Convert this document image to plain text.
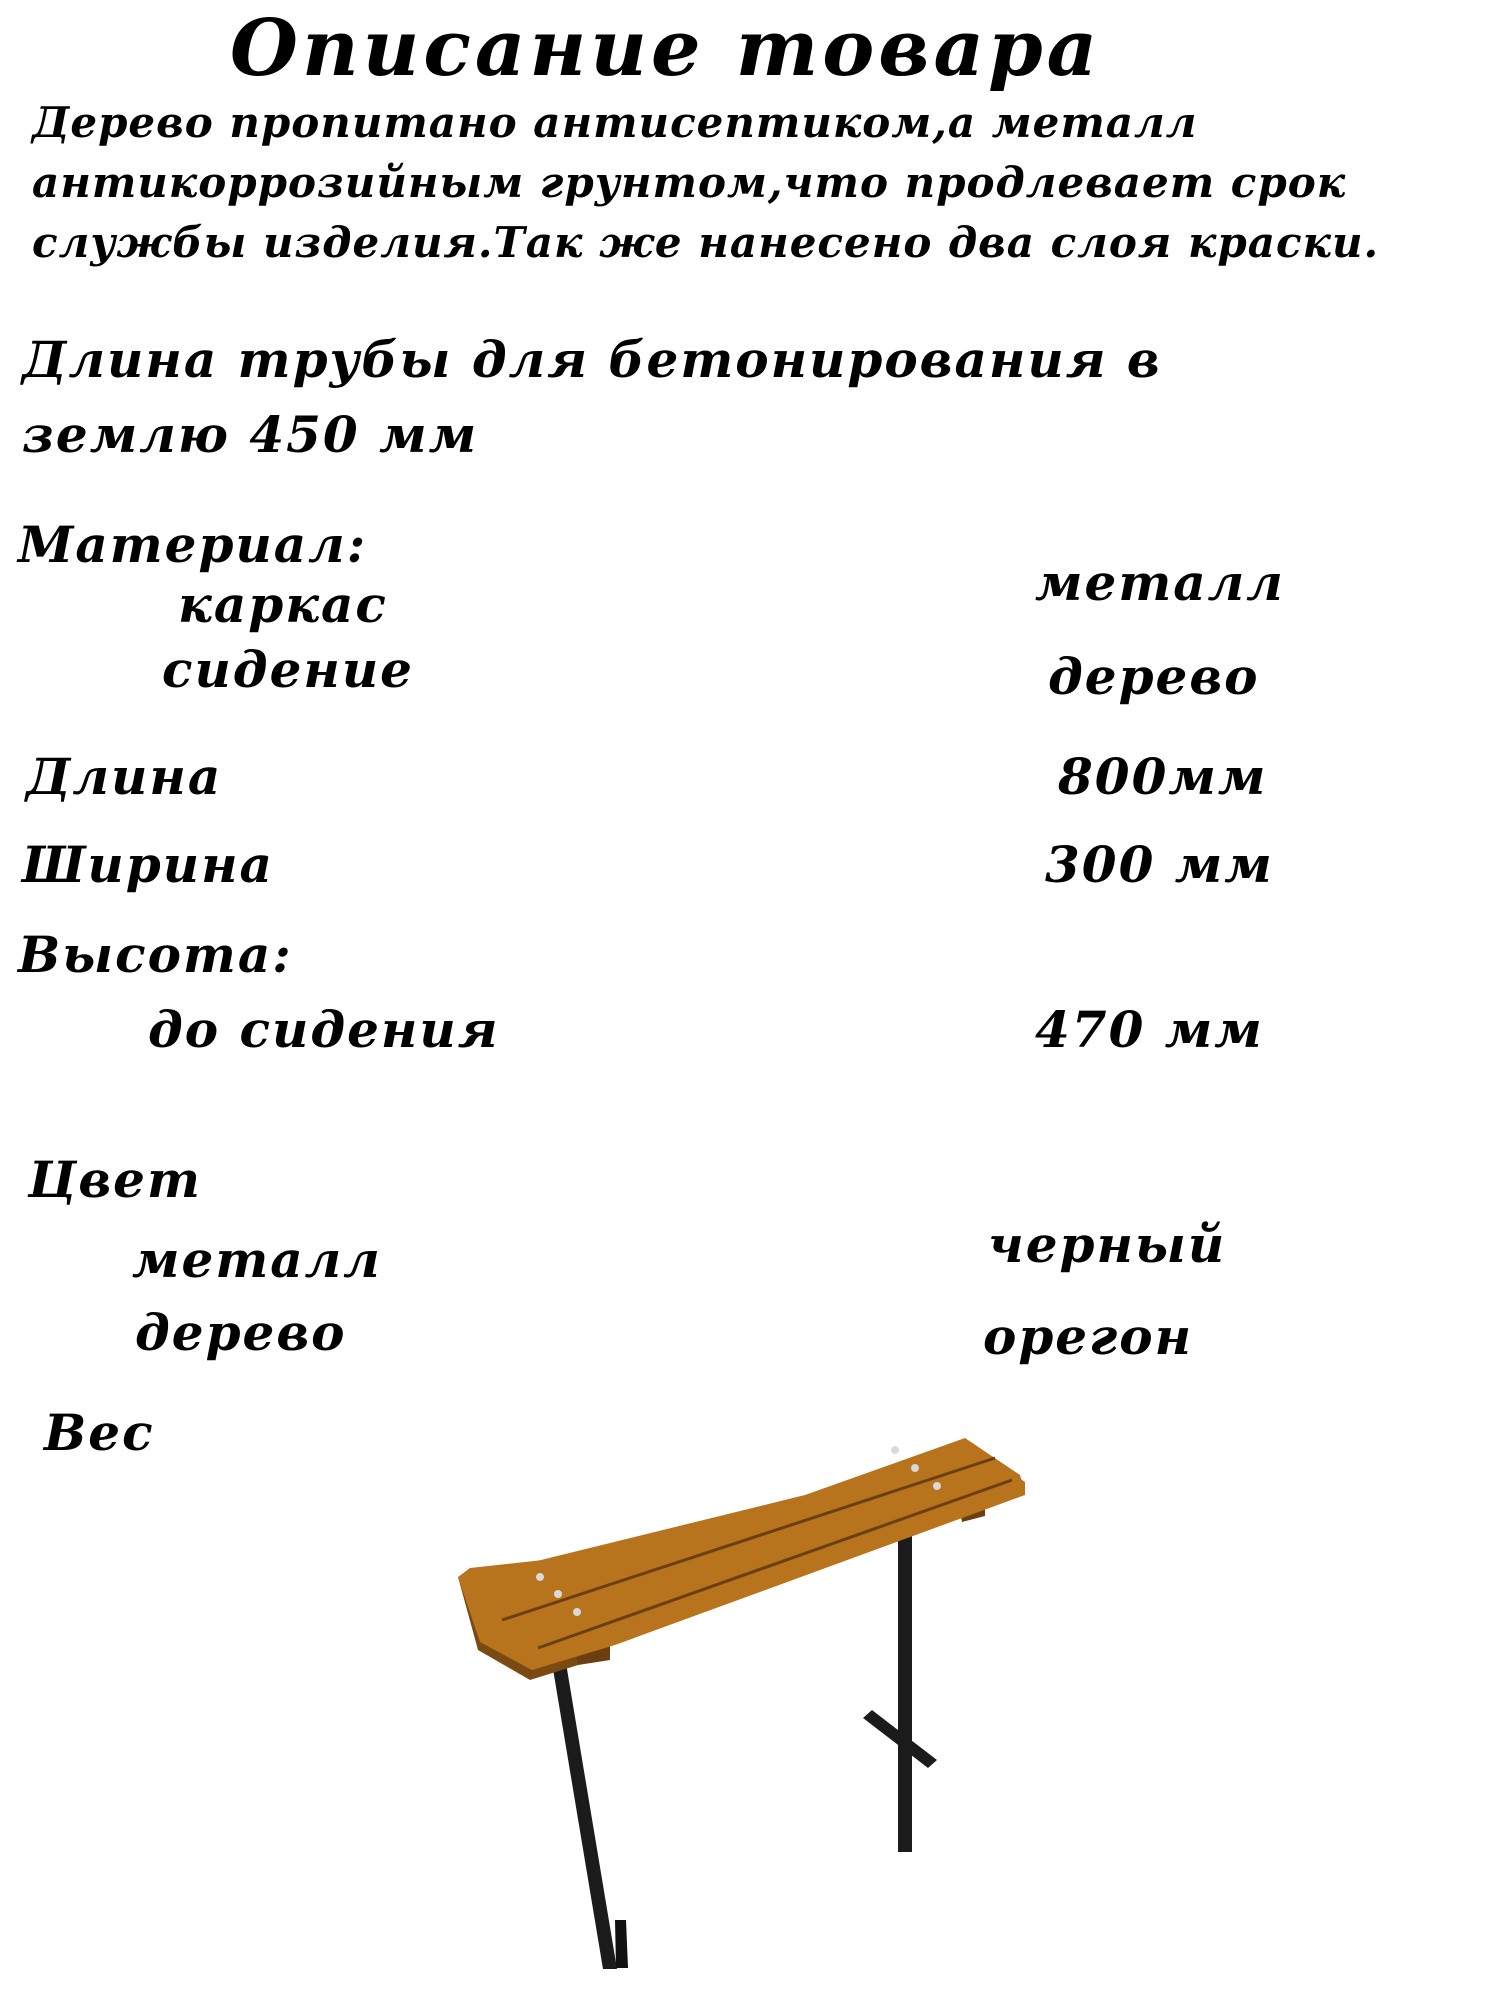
Описание товара
Дерево пропитано антисептиком,а металл
антикоррозийным грунтом,что продлевает срок
службы изделия.Так же нанесено два слоя краски.
Длина трубы для бетонирования в
землю 450 мм
Материал:
каркас	металл
сидение	дерево
Длина	800мм
Ширина	300 мм
Высота:
до сидения	470 мм
Цвет
металл	черный
дерево	орегон
Вес
